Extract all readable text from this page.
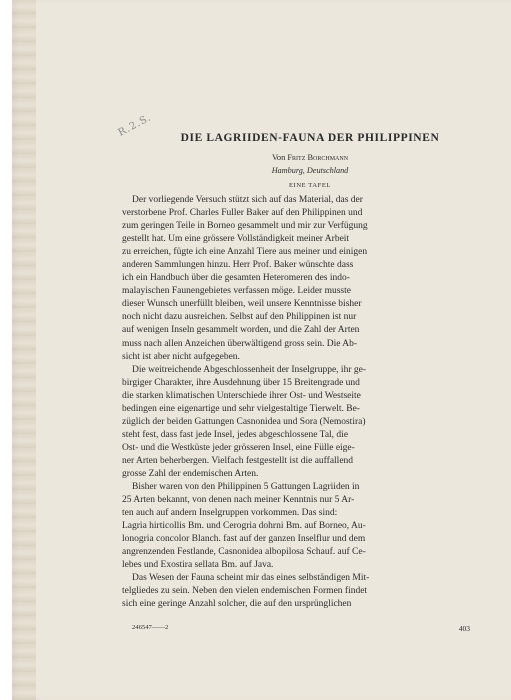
R.2.S.	DIE LAGRIIDEN-FAUNA DER PHILIPPINEN
Von Fritz Borchmann
Hamburg, Deutschland
EINE TAFEL

Der vorliegende Versuch stützt sich auf das Material, das der
verstorbene Prof. Charles Fuller Baker auf den Philippinen und
zum geringen Teile in Borneo gesammelt und mir zur Verfügung
gestellt hat. Um eine grössere Vollständigkeit meiner Arbeit
zu erreichen, fügte ich eine Anzahl Tiere aus meiner und einigen
anderen Sammlungen hinzu. Herr Prof. Baker wünschte dass
ich ein Handbuch über die gesamten Heteromeren des indo-
malayischen Faunengebietes verfassen möge. Leider musste
dieser Wunsch unerfüllt bleiben, weil unsere Kenntnisse bisher
noch nicht dazu ausreichen. Selbst auf den Philippinen ist nur
auf wenigen Inseln gesammelt worden, und die Zahl der Arten
muss nach allen Anzeichen überwältigend gross sein. Die Ab-
sicht ist aber nicht aufgegeben.

Die weitreichende Abgeschlossenheit der Inselgruppe, ihr ge-
birgiger Charakter, ihre Ausdehnung über 15 Breitengrade und
die starken klimatischen Unterschiede ihrer Ost- und Westseite
bedingen eine eigenartige und sehr vielgestaltige Tierwelt. Be-
züglich der beiden Gattungen Casnonidea und Sora (Nemostira)
steht fest, dass fast jede Insel, jedes abgeschlossene Tal, die
Ost- und die Westküste jeder grösseren Insel, eine Fülle eige-
ner Arten beherbergen. Vielfach festgestellt ist die auffallend
grosse Zahl der endemischen Arten.

Bisher waren von den Philippinen 5 Gattungen Lagriiden in
25 Arten bekannt, von denen nach meiner Kenntnis nur 5 Ar-
ten auch auf andern Inselgruppen vorkommen. Das sind:
Lagria hirticollis Bm. und Cerogria dohrni Bm. auf Borneo, Au-
lonogria concolor Blanch. fast auf der ganzen Inselflur und dem
angrenzenden Festlande, Casnonidea albopilosa Schauf. auf Ce-
lebes und Exostira sellata Bm. auf Java.

Das Wesen der Fauna scheint mir das eines selbständigen Mit-
telgliedes zu sein. Neben den vielen endemischen Formen findet
sich eine geringe Anzahl solcher, die auf den ursprünglichen

246547——2	403
